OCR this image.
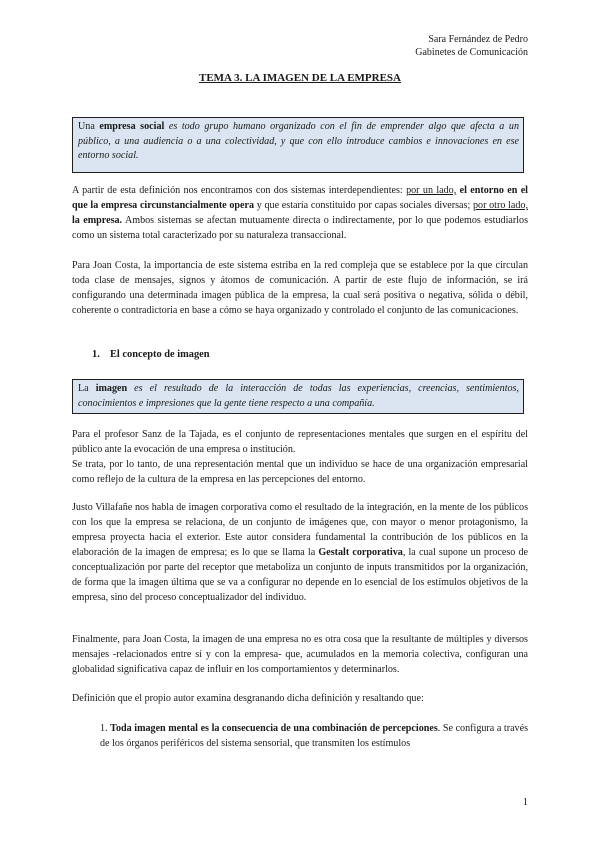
Sara Fernández de Pedro
Gabinetes de Comunicación
TEMA 3. LA IMAGEN DE LA EMPRESA
Una empresa social es todo grupo humano organizado con el fin de emprender algo que afecta a un público, a una audiencia o a una colectividad, y que con ello introduce cambios e innovaciones en ese entorno social.
A partir de esta definición nos encontramos con dos sistemas interdependientes: por un lado, el entorno en el que la empresa circunstancialmente opera y que estaría constituido por capas sociales diversas; por otro lado, la empresa. Ambos sistemas se afectan mutuamente directa o indirectamente, por lo que podemos estudiarlos como un sistema total caracterizado por su naturaleza transaccional.
Para Joan Costa, la importancia de este sistema estriba en la red compleja que se establece por la que circulan toda clase de mensajes, signos y átomos de comunicación. A partir de este flujo de información, se irá configurando una determinada imagen pública de la empresa, la cual será positiva o negativa, sólida o débil, coherente o contradictoria en base a cómo se haya organizado y controlado el conjunto de las comunicaciones.
1. El concepto de imagen
La imagen es el resultado de la interacción de todas las experiencias, creencias, sentimientos, conocimientos e impresiones que la gente tiene respecto a una compañía.
Para el profesor Sanz de la Tajada, es el conjunto de representaciones mentales que surgen en el espíritu del público ante la evocación de una empresa o institución.
Se trata, por lo tanto, de una representación mental que un individuo se hace de una organización empresarial como reflejo de la cultura de la empresa en las percepciones del entorno.
Justo Villafañe nos habla de imagen corporativa como el resultado de la integración, en la mente de los públicos con los que la empresa se relaciona, de un conjunto de imágenes que, con mayor o menor protagonismo, la empresa proyecta hacia el exterior. Este autor considera fundamental la contribución de los públicos en la elaboración de la imagen de empresa; es lo que se llama la Gestalt corporativa, la cual supone un proceso de conceptualización por parte del receptor que metaboliza un conjunto de inputs transmitidos por la organización, de forma que la imagen última que se va a configurar no depende en lo esencial de los estímulos objetivos de la empresa, sino del proceso conceptualizador del individuo.
Finalmente, para Joan Costa, la imagen de una empresa no es otra cosa que la resultante de múltiples y diversos mensajes -relacionados entre sí y con la empresa- que, acumulados en la memoria colectiva, configuran una globalidad significativa capaz de influir en los comportamientos y determinarlos.
Definición que el propio autor examina desgranando dicha definición y resaltando que:
1. Toda imagen mental es la consecuencia de una combinación de percepciones. Se configura a través de los órganos periféricos del sistema sensorial, que transmiten los estímulos
1
